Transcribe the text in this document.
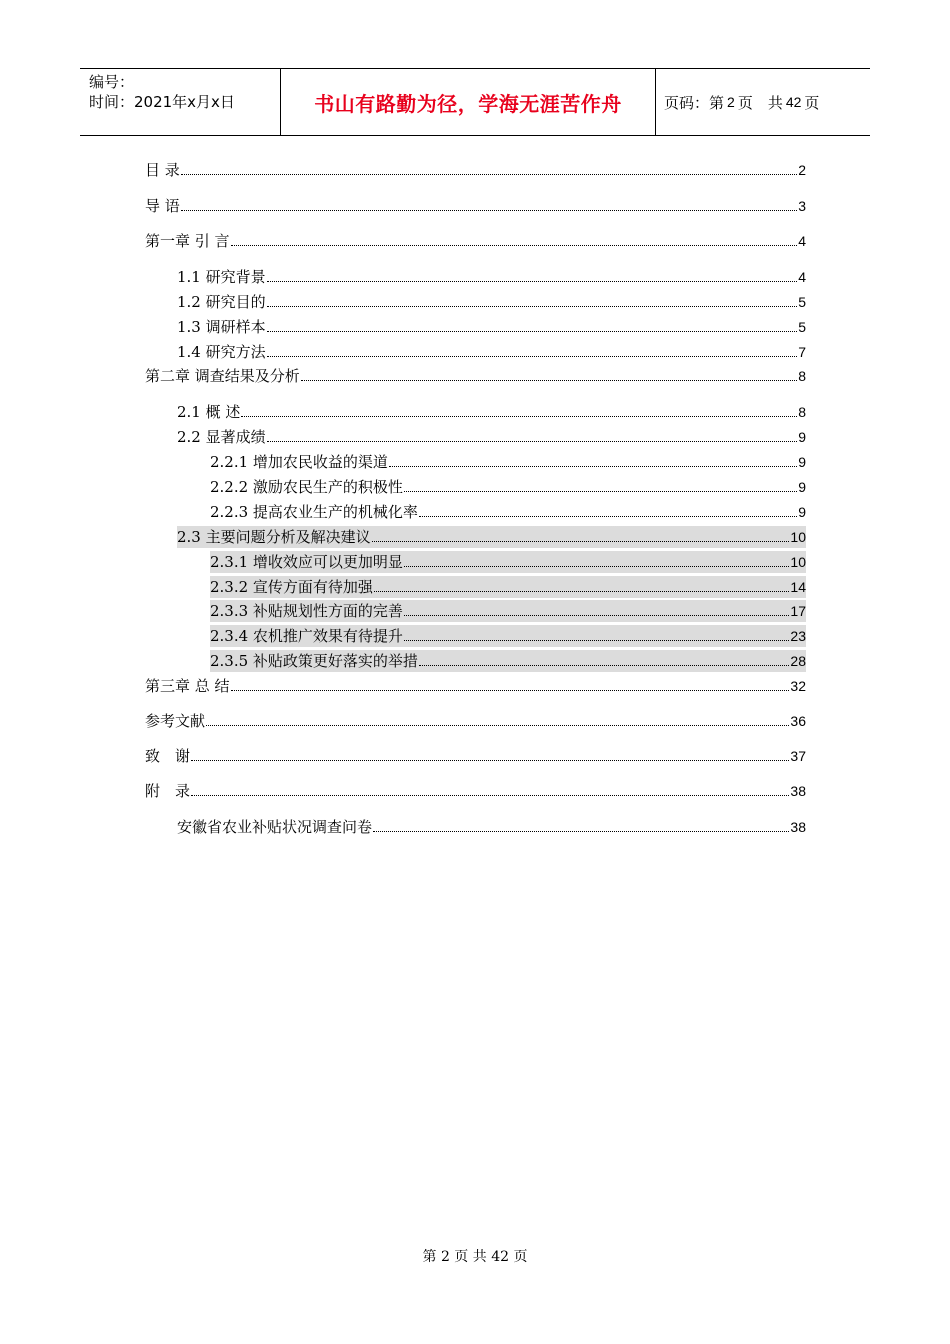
编号：
时间：2021年x月x日	书山有路勤为径，学海无涯苦作舟	页码：第 2 页　共 42 页
目 录	2
导 语	3
第一章 引 言	4
1.1 研究背景	4
1.2 研究目的	5
1.3 调研样本	5
1.4 研究方法	7
第二章 调查结果及分析	8
2.1 概 述	8
2.2 显著成绩	9
2.2.1 增加农民收益的渠道	9
2.2.2 激励农民生产的积极性	9
2.2.3 提高农业生产的机械化率	9
2.3 主要问题分析及解决建议	10
2.3.1 增收效应可以更加明显	10
2.3.2 宣传方面有待加强	14
2.3.3 补贴规划性方面的完善	17
2.3.4 农机推广效果有待提升	23
2.3.5 补贴政策更好落实的举措	28
第三章 总 结	32
参考文献	36
致　谢	37
附　录	38
安徽省农业补贴状况调查问卷	38
第 2 页 共 42 页
